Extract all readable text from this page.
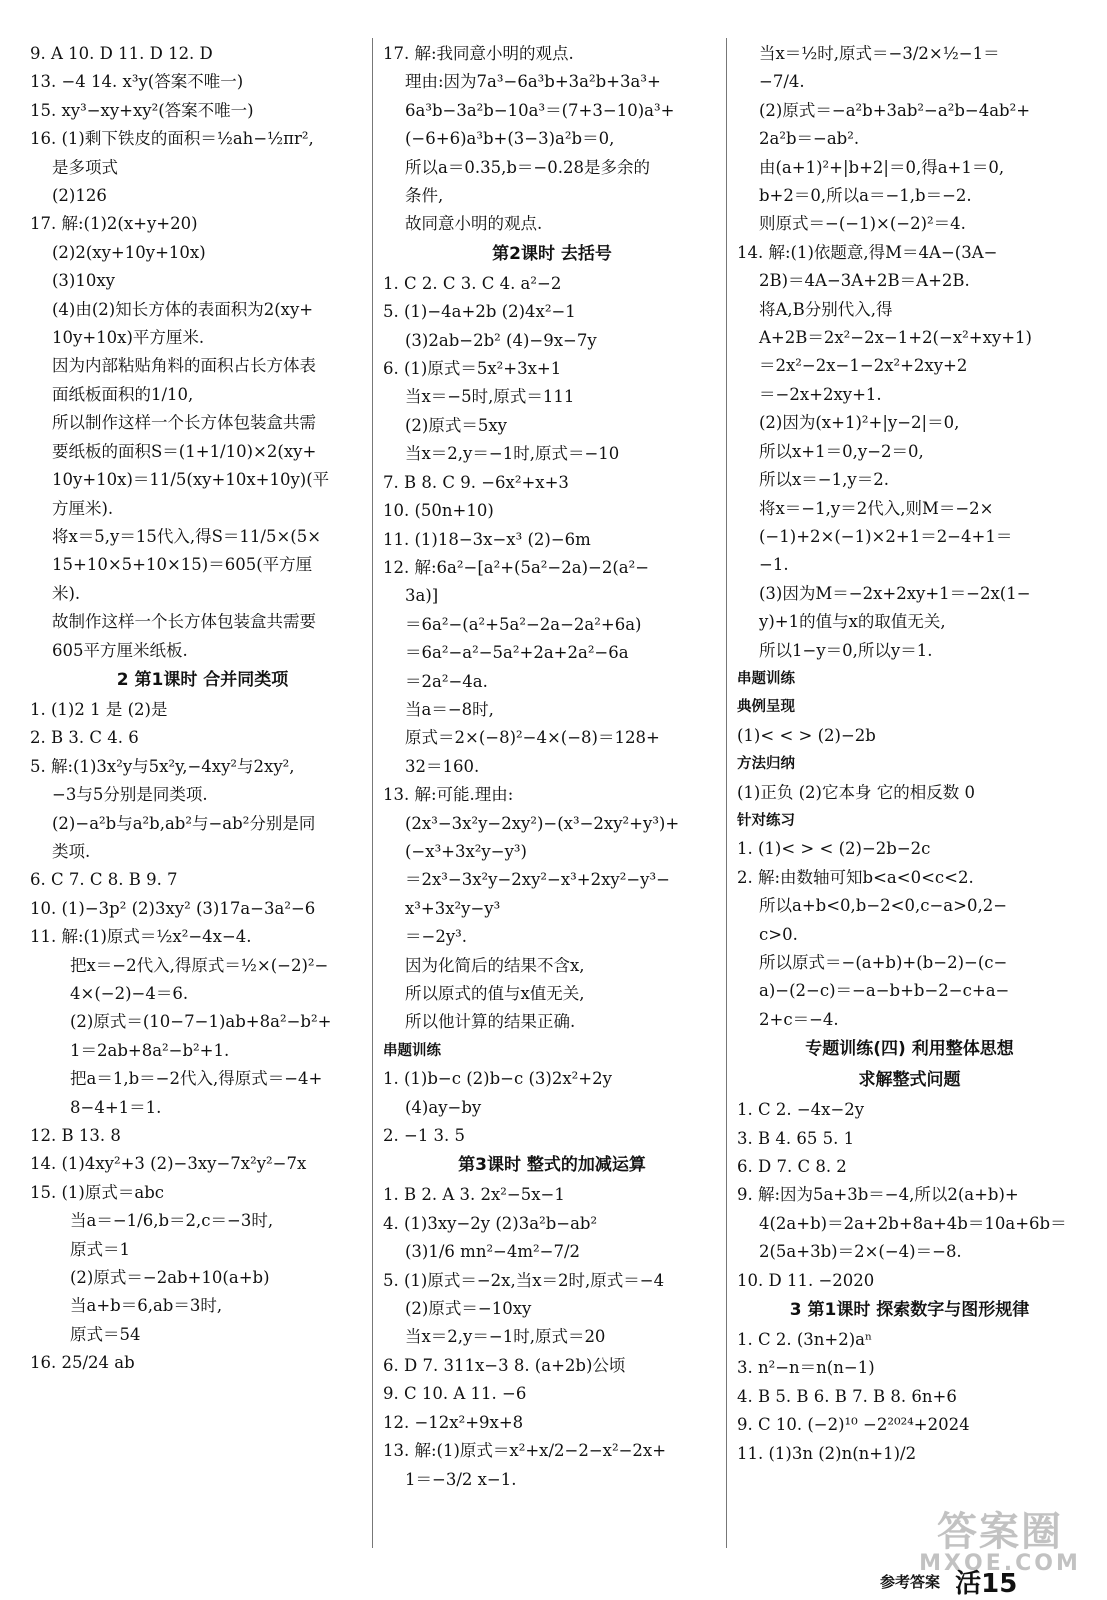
9. A 10. D 11. D 12. D
13. −4 14. x³y(答案不唯一)
15. xy³−xy+xy²(答案不唯一)
16. (1)剩下铁皮的面积＝½ah−½πr²,
是多项式
(2)126
17. 解:(1)2(x+y+20)
(2)2(xy+10y+10x)
(3)10xy
(4)由(2)知长方体的表面积为2(xy+
10y+10x)平方厘米.
因为内部粘贴角料的面积占长方体表
面纸板面积的1/10,
所以制作这样一个长方体包装盒共需
要纸板的面积S＝(1+1/10)×2(xy+
10y+10x)＝11/5(xy+10x+10y)(平
方厘米).
将x＝5,y＝15代入,得S＝11/5×(5×
15+10×5+10×15)＝605(平方厘
米).
故制作这样一个长方体包装盒共需要
605平方厘米纸板.
2 第1课时 合并同类项
1. (1)2 1 是 (2)是
2. B 3. C 4. 6
5. 解:(1)3x²y与5x²y,−4xy²与2xy²,
−3与5分别是同类项.
(2)−a²b与a²b,ab²与−ab²分别是同
类项.
6. C 7. C 8. B 9. 7
10. (1)−3p² (2)3xy² (3)17a−3a²−6
11. 解:(1)原式＝½x²−4x−4.
把x＝−2代入,得原式＝½×(−2)²−
4×(−2)−4＝6.
(2)原式＝(10−7−1)ab+8a²−b²+
1＝2ab+8a²−b²+1.
把a＝1,b＝−2代入,得原式＝−4+
8−4+1＝1.
12. B 13. 8
14. (1)4xy²+3 (2)−3xy−7x²y²−7x
15. (1)原式＝abc
当a＝−1/6,b＝2,c＝−3时,
原式＝1
(2)原式＝−2ab+10(a+b)
当a+b＝6,ab＝3时,
原式＝54
16. 25/24 ab
17. 解:我同意小明的观点.
理由:因为7a³−6a³b+3a²b+3a³+
6a³b−3a²b−10a³＝(7+3−10)a³+
(−6+6)a³b+(3−3)a²b＝0,
所以a＝0.35,b＝−0.28是多余的
条件,
故同意小明的观点.
第2课时 去括号
1. C 2. C 3. C 4. a²−2
5. (1)−4a+2b (2)4x²−1
(3)2ab−2b² (4)−9x−7y
6. (1)原式＝5x²+3x+1
当x＝−5时,原式＝111
(2)原式＝5xy
当x＝2,y＝−1时,原式＝−10
7. B 8. C 9. −6x²+x+3
10. (50n+10)
11. (1)18−3x−x³ (2)−6m
12. 解:6a²−[a²+(5a²−2a)−2(a²−
3a)]
＝6a²−(a²+5a²−2a−2a²+6a)
＝6a²−a²−5a²+2a+2a²−6a
＝2a²−4a.
当a＝−8时,
原式＝2×(−8)²−4×(−8)＝128+
32＝160.
13. 解:可能.理由:
(2x³−3x²y−2xy²)−(x³−2xy²+y³)+
(−x³+3x²y−y³)
＝2x³−3x²y−2xy²−x³+2xy²−y³−
x³+3x²y−y³
＝−2y³.
因为化简后的结果不含x,
所以原式的值与x值无关,
所以他计算的结果正确.
串题训练
1. (1)b−c (2)b−c (3)2x²+2y
(4)ay−by
2. −1 3. 5
第3课时 整式的加减运算
1. B 2. A 3. 2x²−5x−1
4. (1)3xy−2y (2)3a²b−ab²
(3)1/6 mn²−4m²−7/2
5. (1)原式＝−2x,当x＝2时,原式＝−4
(2)原式＝−10xy
当x＝2,y＝−1时,原式＝20
6. D 7. 311x−3 8. (a+2b)公顷
9. C 10. A 11. −6
12. −12x²+9x+8
13. 解:(1)原式＝x²+x/2−2−x²−2x+
1＝−3/2 x−1.
当x＝½时,原式＝−3/2×½−1＝
−7/4.
(2)原式＝−a²b+3ab²−a²b−4ab²+
2a²b＝−ab².
由(a+1)²+|b+2|＝0,得a+1＝0,
b+2＝0,所以a＝−1,b＝−2.
则原式＝−(−1)×(−2)²＝4.
14. 解:(1)依题意,得M＝4A−(3A−
2B)＝4A−3A+2B＝A+2B.
将A,B分别代入,得
A+2B＝2x²−2x−1+2(−x²+xy+1)
＝2x²−2x−1−2x²+2xy+2
＝−2x+2xy+1.
(2)因为(x+1)²+|y−2|＝0,
所以x+1＝0,y−2＝0,
所以x＝−1,y＝2.
将x＝−1,y＝2代入,则M＝−2×
(−1)+2×(−1)×2+1＝2−4+1＝
−1.
(3)因为M＝−2x+2xy+1＝−2x(1−
y)+1的值与x的取值无关,
所以1−y＝0,所以y＝1.
串题训练
典例呈现
(1)< < > (2)−2b
方法归纳
(1)正负 (2)它本身 它的相反数 0
针对练习
1. (1)< > < (2)−2b−2c
2. 解:由数轴可知b<a<0<c<2.
所以a+b<0,b−2<0,c−a>0,2−
c>0.
所以原式＝−(a+b)+(b−2)−(c−
a)−(2−c)＝−a−b+b−2−c+a−
2+c＝−4.
专题训练(四) 利用整体思想
求解整式问题
1. C 2. −4x−2y
3. B 4. 65 5. 1
6. D 7. C 8. 2
9. 解:因为5a+3b＝−4,所以2(a+b)+
4(2a+b)＝2a+2b+8a+4b＝10a+6b＝
2(5a+3b)＝2×(−4)＝−8.
10. D 11. −2020
3 第1课时 探索数字与图形规律
1. C 2. (3n+2)aⁿ
3. n²−n＝n(n−1)
4. B 5. B 6. B 7. B 8. 6n+6
9. C 10. (−2)¹⁰ −2²⁰²⁴+2024
11. (1)3n (2)n(n+1)/2
答案圈
MXQE.COM
参考答案 活15
